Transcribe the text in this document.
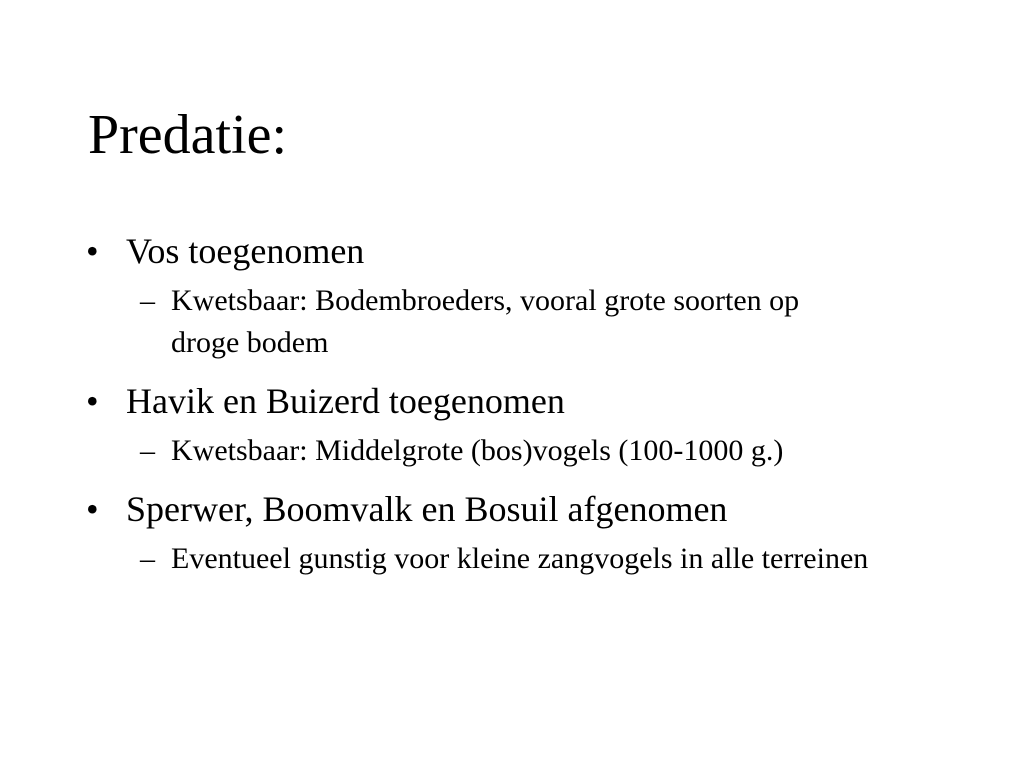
Predatie:
• Vos toegenomen
– Kwetsbaar: Bodembroeders, vooral grote soorten op droge bodem
• Havik en Buizerd toegenomen
– Kwetsbaar: Middelgrote (bos)vogels (100-1000 g.)
• Sperwer, Boomvalk en Bosuil afgenomen
– Eventueel gunstig voor kleine zangvogels in alle terreinen
